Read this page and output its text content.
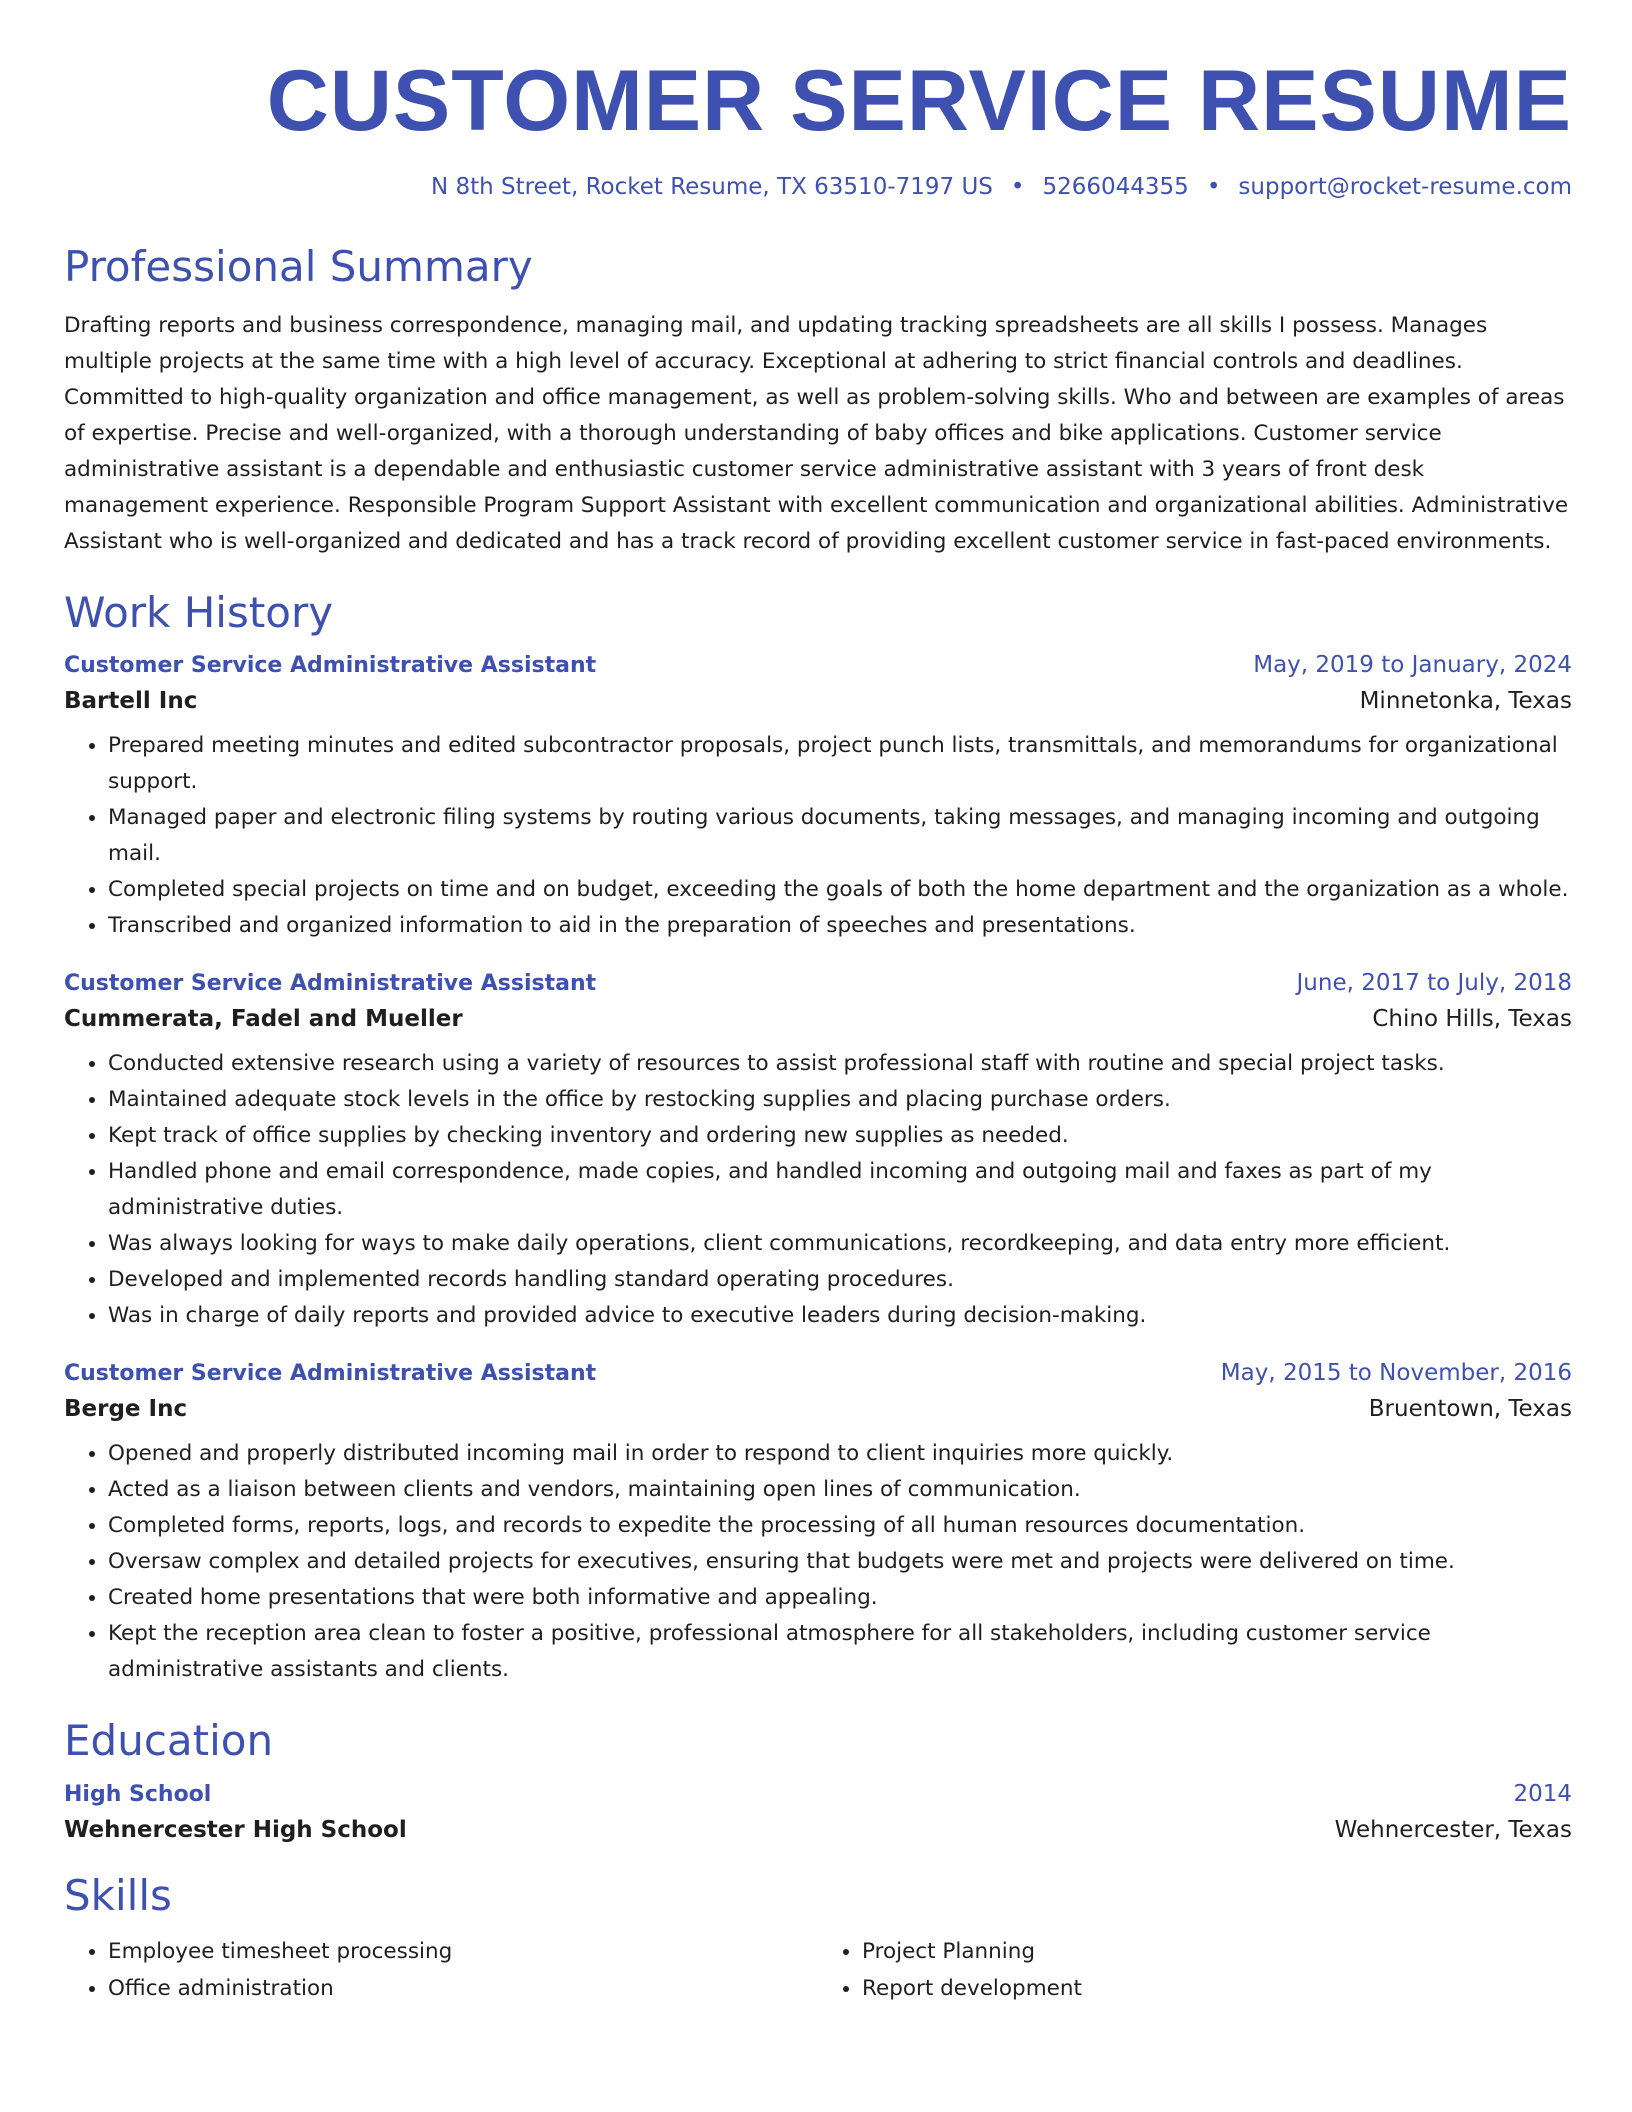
CUSTOMER SERVICE RESUME
N 8th Street, Rocket Resume, TX 63510-7197 US • 5266044355 • support@rocket-resume.com
Professional Summary
Drafting reports and business correspondence, managing mail, and updating tracking spreadsheets are all skills I possess. Manages multiple projects at the same time with a high level of accuracy. Exceptional at adhering to strict financial controls and deadlines. Committed to high-quality organization and office management, as well as problem-solving skills. Who and between are examples of areas of expertise. Precise and well-organized, with a thorough understanding of baby offices and bike applications. Customer service administrative assistant is a dependable and enthusiastic customer service administrative assistant with 3 years of front desk management experience. Responsible Program Support Assistant with excellent communication and organizational abilities. Administrative Assistant who is well-organized and dedicated and has a track record of providing excellent customer service in fast-paced environments.
Work History
Customer Service Administrative Assistant	May, 2019 to January, 2024
Bartell Inc	Minnetonka, Texas
• Prepared meeting minutes and edited subcontractor proposals, project punch lists, transmittals, and memorandums for organizational support.
• Managed paper and electronic filing systems by routing various documents, taking messages, and managing incoming and outgoing mail.
• Completed special projects on time and on budget, exceeding the goals of both the home department and the organization as a whole.
• Transcribed and organized information to aid in the preparation of speeches and presentations.
Customer Service Administrative Assistant	June, 2017 to July, 2018
Cummerata, Fadel and Mueller	Chino Hills, Texas
• Conducted extensive research using a variety of resources to assist professional staff with routine and special project tasks.
• Maintained adequate stock levels in the office by restocking supplies and placing purchase orders.
• Kept track of office supplies by checking inventory and ordering new supplies as needed.
• Handled phone and email correspondence, made copies, and handled incoming and outgoing mail and faxes as part of my administrative duties.
• Was always looking for ways to make daily operations, client communications, recordkeeping, and data entry more efficient.
• Developed and implemented records handling standard operating procedures.
• Was in charge of daily reports and provided advice to executive leaders during decision-making.
Customer Service Administrative Assistant	May, 2015 to November, 2016
Berge Inc	Bruentown, Texas
• Opened and properly distributed incoming mail in order to respond to client inquiries more quickly.
• Acted as a liaison between clients and vendors, maintaining open lines of communication.
• Completed forms, reports, logs, and records to expedite the processing of all human resources documentation.
• Oversaw complex and detailed projects for executives, ensuring that budgets were met and projects were delivered on time.
• Created home presentations that were both informative and appealing.
• Kept the reception area clean to foster a positive, professional atmosphere for all stakeholders, including customer service administrative assistants and clients.
Education
High School	2014
Wehnercester High School	Wehnercester, Texas
Skills
• Employee timesheet processing
• Office administration
• Project Planning
• Report development
